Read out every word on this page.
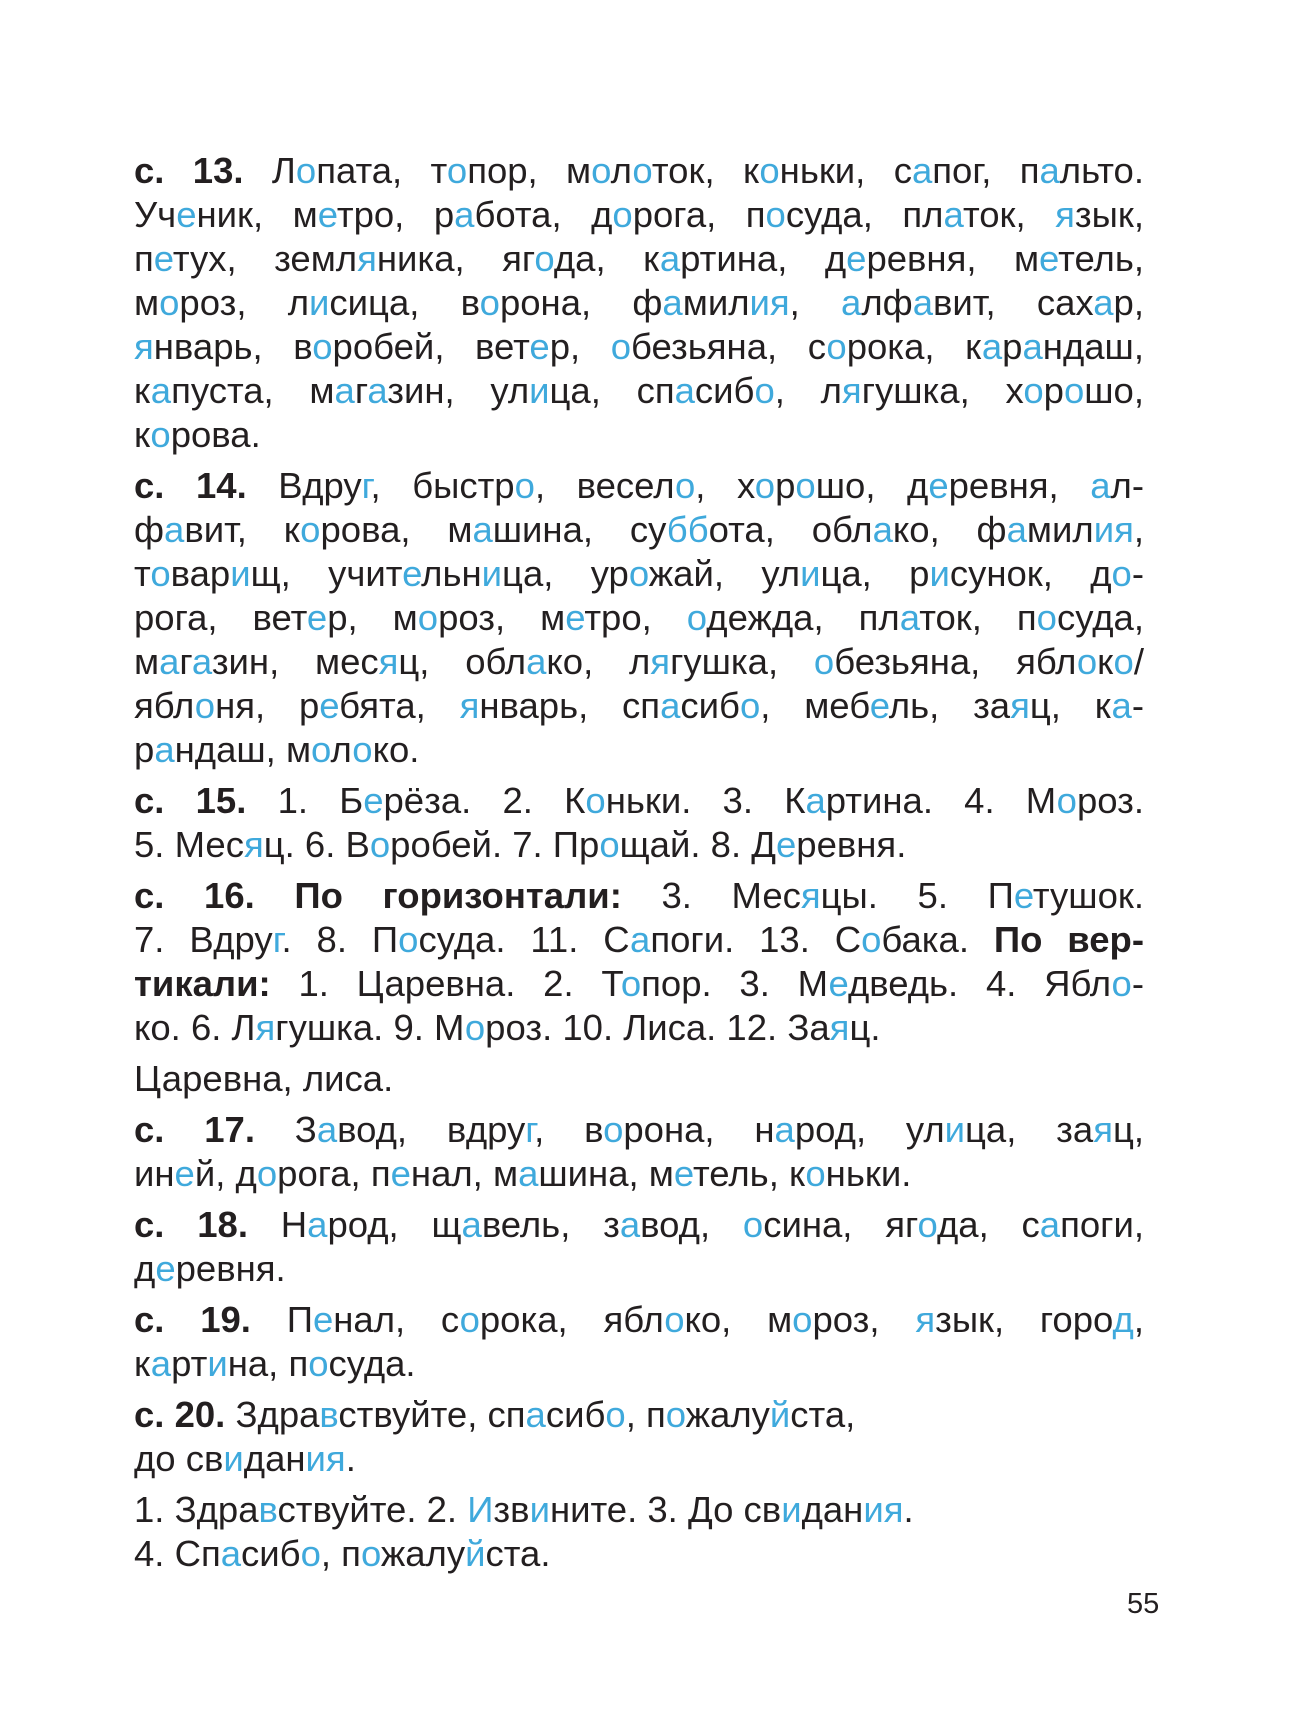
с. 13. Лопата, топор, молоток, коньки, сапог, пальто.
Ученик, метро, работа, дорога, посуда, платок, язык,
петух, земляника, ягода, картина, деревня, метель,
мороз, лисица, ворона, фамилия, алфавит, сахар,
январь, воробей, ветер, обезьяна, сорока, карандаш,
капуста, магазин, улица, спасибо, лягушка, хорошо,
корова.
с. 14. Вдруг, быстро, весело, хорошо, деревня, ал-
фавит, корова, машина, суббота, облако, фамилия,
товарищ, учительница, урожай, улица, рисунок, до-
рога, ветер, мороз, метро, одежда, платок, посуда,
магазин, месяц, облако, лягушка, обезьяна, яблоко/
яблоня, ребята, январь, спасибо, мебель, заяц, ка-
рандаш, молоко.
с. 15. 1. Берёза. 2. Коньки. 3. Картина. 4. Мороз.
5. Месяц. 6. Воробей. 7. Прощай. 8. Деревня.
с. 16. По горизонтали: 3. Месяцы. 5. Петушок.
7. Вдруг. 8. Посуда. 11. Сапоги. 13. Собака. По вер-
тикали: 1. Царевна. 2. Топор. 3. Медведь. 4. Ябло-
ко. 6. Лягушка. 9. Мороз. 10. Лиса. 12. Заяц.
Царевна, лиса.
с. 17. Завод, вдруг, ворона, народ, улица, заяц,
иней, дорога, пенал, машина, метель, коньки.
с. 18. Народ, щавель, завод, осина, ягода, сапоги,
деревня.
с. 19. Пенал, сорока, яблоко, мороз, язык, город,
картина, посуда.
с. 20. Здравствуйте, спасибо, пожалуйста,
до свидания.
1. Здравствуйте. 2. Извините. 3. До свидания.
4. Спасибо, пожалуйста.
55
